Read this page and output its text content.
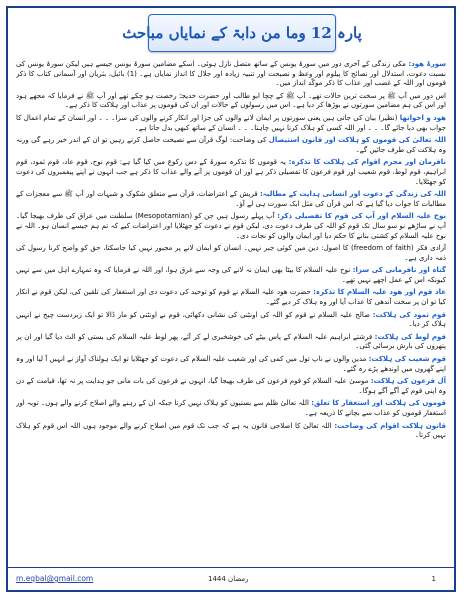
پارہ 12 وما من دابۃ کے نمایاں مباحث

سورۃ ھود: مکی زندگی کے آخری دور میں سورۃ یونس کے ساتھ متصل نازل ہوئی۔ اسکے مضامین سورۃ یونس جیسے ہیں لیکن سورۃ یونس کی نسبت دعوت، استدلال اور نصائح کا پیلوم اور وعظ و نصیحت اور تنبیہ زیادہ اور جلال کا انداز نمایاں ہے۔ (1) بائبل، بثریان اور آسمانی کتاب کا ذکر قوموں اور اللہ کے غضب اور عذاب کا ذکر موکّد انداز میں۔

اس دور میں آپ ﷺ پر سخت ترین حالات تھے۔ آپ ﷺ کے چچا ابو طالب اور حضرت خدیجہؓ رخصت ہو چکے تھے اور آپ ﷺ نے فرمایا کہ مجھے ہود اور اس کی ہم مضامین سورتوں نے بوڑھا کر دیا ہے۔ اس میں رسولوں کے حالات اور ان کی قوموں پر عذاب اور ہلاکت کا ذکر ہے۔

ھود و اخواتھا (نظیر) بیان کی جاتی ہیں یعنی سورتوں پر ایمان لانے والوں کی جزا اور انکار کرنے والوں کی سزا۔ ۔ ۔ اور انسان کے تمام اعمال کا جواب بھی دیا جائے گا۔ ۔ ۔ اور اللہ کسی کو ہلاک کرنا نہیں چاہتا۔ ۔ ۔ انسان کے ساتھ کبھی بدل جاتا ہے۔

اللہ تعالیٰ کی قوموں کو ہلاکت اور قانون استیصال کی وضاحت: لوگ قرآن سے نصیحت حاصل کرتے رہیں تو ان کے اندر خیر رہے گی ورنہ وہ ہلاکت کی طرف جائیں گے۔

نافرمان اور مجرم اقوام کی ہلاکت کا تذکرہ: یہ قوموں کا تذکرہ سورۃ کے دس رکوع میں کیا گیا ہے: قوم نوح، قوم عاد، قوم ثمود، قوم ابراہیم، قوم لوط، قوم شعیب اور قوم فرعون کا تفصیلی ذکر ہے اور ان قوموں پر آنے والے عذاب کا ذکر ہے جب انہوں نے اپنے پیغمبروں کی دعوت کو جھٹلایا۔

اللہ کی زندگی کے دعوت اور انسانی ہدایت کے مطالبہ: قریش کے اعتراضات، قرآن سے متعلق شکوک و شبہات اور آپ ﷺ سے معجزات کے مطالبات کا جواب دیا گیا ہے کہ اس قرآن کی مثل ایک سورت ہی لے آؤ۔

نوح علیہ السلام اور آپ کی قوم کا تفصیلی ذکر: آپ پہلے رسول ہیں جن کو (Mesopotamian) سلطنت میں عراق کی طرف بھیجا گیا۔ آپ نے ساڑھے نو سو سال تک قوم کو اللہ کی طرف دعوت دی، لیکن قوم نے دعوت کو جھٹلایا اور اعتراضات کیے کہ تم ہم جیسے انسان ہو۔ اللہ نے نوح علیہ السلام کو کشتی بنانے کا حکم دیا اور ایمان والوں کو نجات دی۔

آزادی فکر (freedom of faith) کا اصول: دین میں کوئی جبر نہیں۔ انسان کو ایمان لانے پر مجبور نہیں کیا جاسکتا، حق کو واضح کرنا رسول کی ذمہ داری ہے۔

گناہ اور نافرمانی کی سزا: نوح علیہ السلام کا بیٹا بھی ایمان نہ لانے کی وجہ سے غرق ہوا، اور اللہ نے فرمایا کہ وہ تمہارے اہل میں سے نہیں کیونکہ اس کے عمل اچھے نہیں تھے۔

عاد قوم اور ھود علیہ السلام کا تذکرہ: حضرت ھود علیہ السلام نے قوم کو توحید کی دعوت دی اور استغفار کی تلقین کی، لیکن قوم نے انکار کیا تو ان پر سخت آندھی کا عذاب آیا اور وہ ہلاک کر دیے گئے۔

قوم ثمود کی ہلاکت: صالح علیہ السلام نے قوم کو اللہ کی اونٹنی کی نشانی دکھائی، قوم نے اونٹنی کو مار ڈالا تو ایک زبردست چیخ نے انہیں ہلاک کر دیا۔

قوم لوط کی ہلاکت: فرشتے ابراہیم علیہ السلام کے پاس بیٹے کی خوشخبری لے کر آئے، پھر لوط علیہ السلام کی بستی کو الٹ دیا گیا اور ان پر پتھروں کی بارش برسائی گئی۔

قوم شعیب کی ہلاکت: مدین والوں نے ناپ تول میں کمی کی اور شعیب علیہ السلام کی دعوت کو جھٹلایا تو ایک ہولناک آواز نے انہیں آ لیا اور وہ اپنے گھروں میں اوندھے پڑے رہ گئے۔

آل فرعون کی ہلاکت: موسیٰ علیہ السلام کو قوم فرعون کی طرف بھیجا گیا، انہوں نے فرعون کی بات مانی جو ہدایت پر نہ تھا، قیامت کے دن وہ اپنی قوم کے آگے آگے ہوگا۔

قوموں کی ہلاکت اور استغفار کا تعلق: اللہ تعالیٰ ظلم سے بستیوں کو ہلاک نہیں کرتا جبکہ ان کے رہنے والے اصلاح کرنے والے ہوں۔ توبہ اور استغفار قوموں کو عذاب سے بچانے کا ذریعہ ہے۔

قانون ہلاکت اقوام کی وضاحت: اللہ تعالیٰ کا اصلاحی قانون یہ ہے کہ جب تک قوم میں اصلاح کرنے والے موجود ہوں اللہ اس قوم کو ہلاک نہیں کرتا۔

m.eqbal@gmail.com	رمضان 1444	1
